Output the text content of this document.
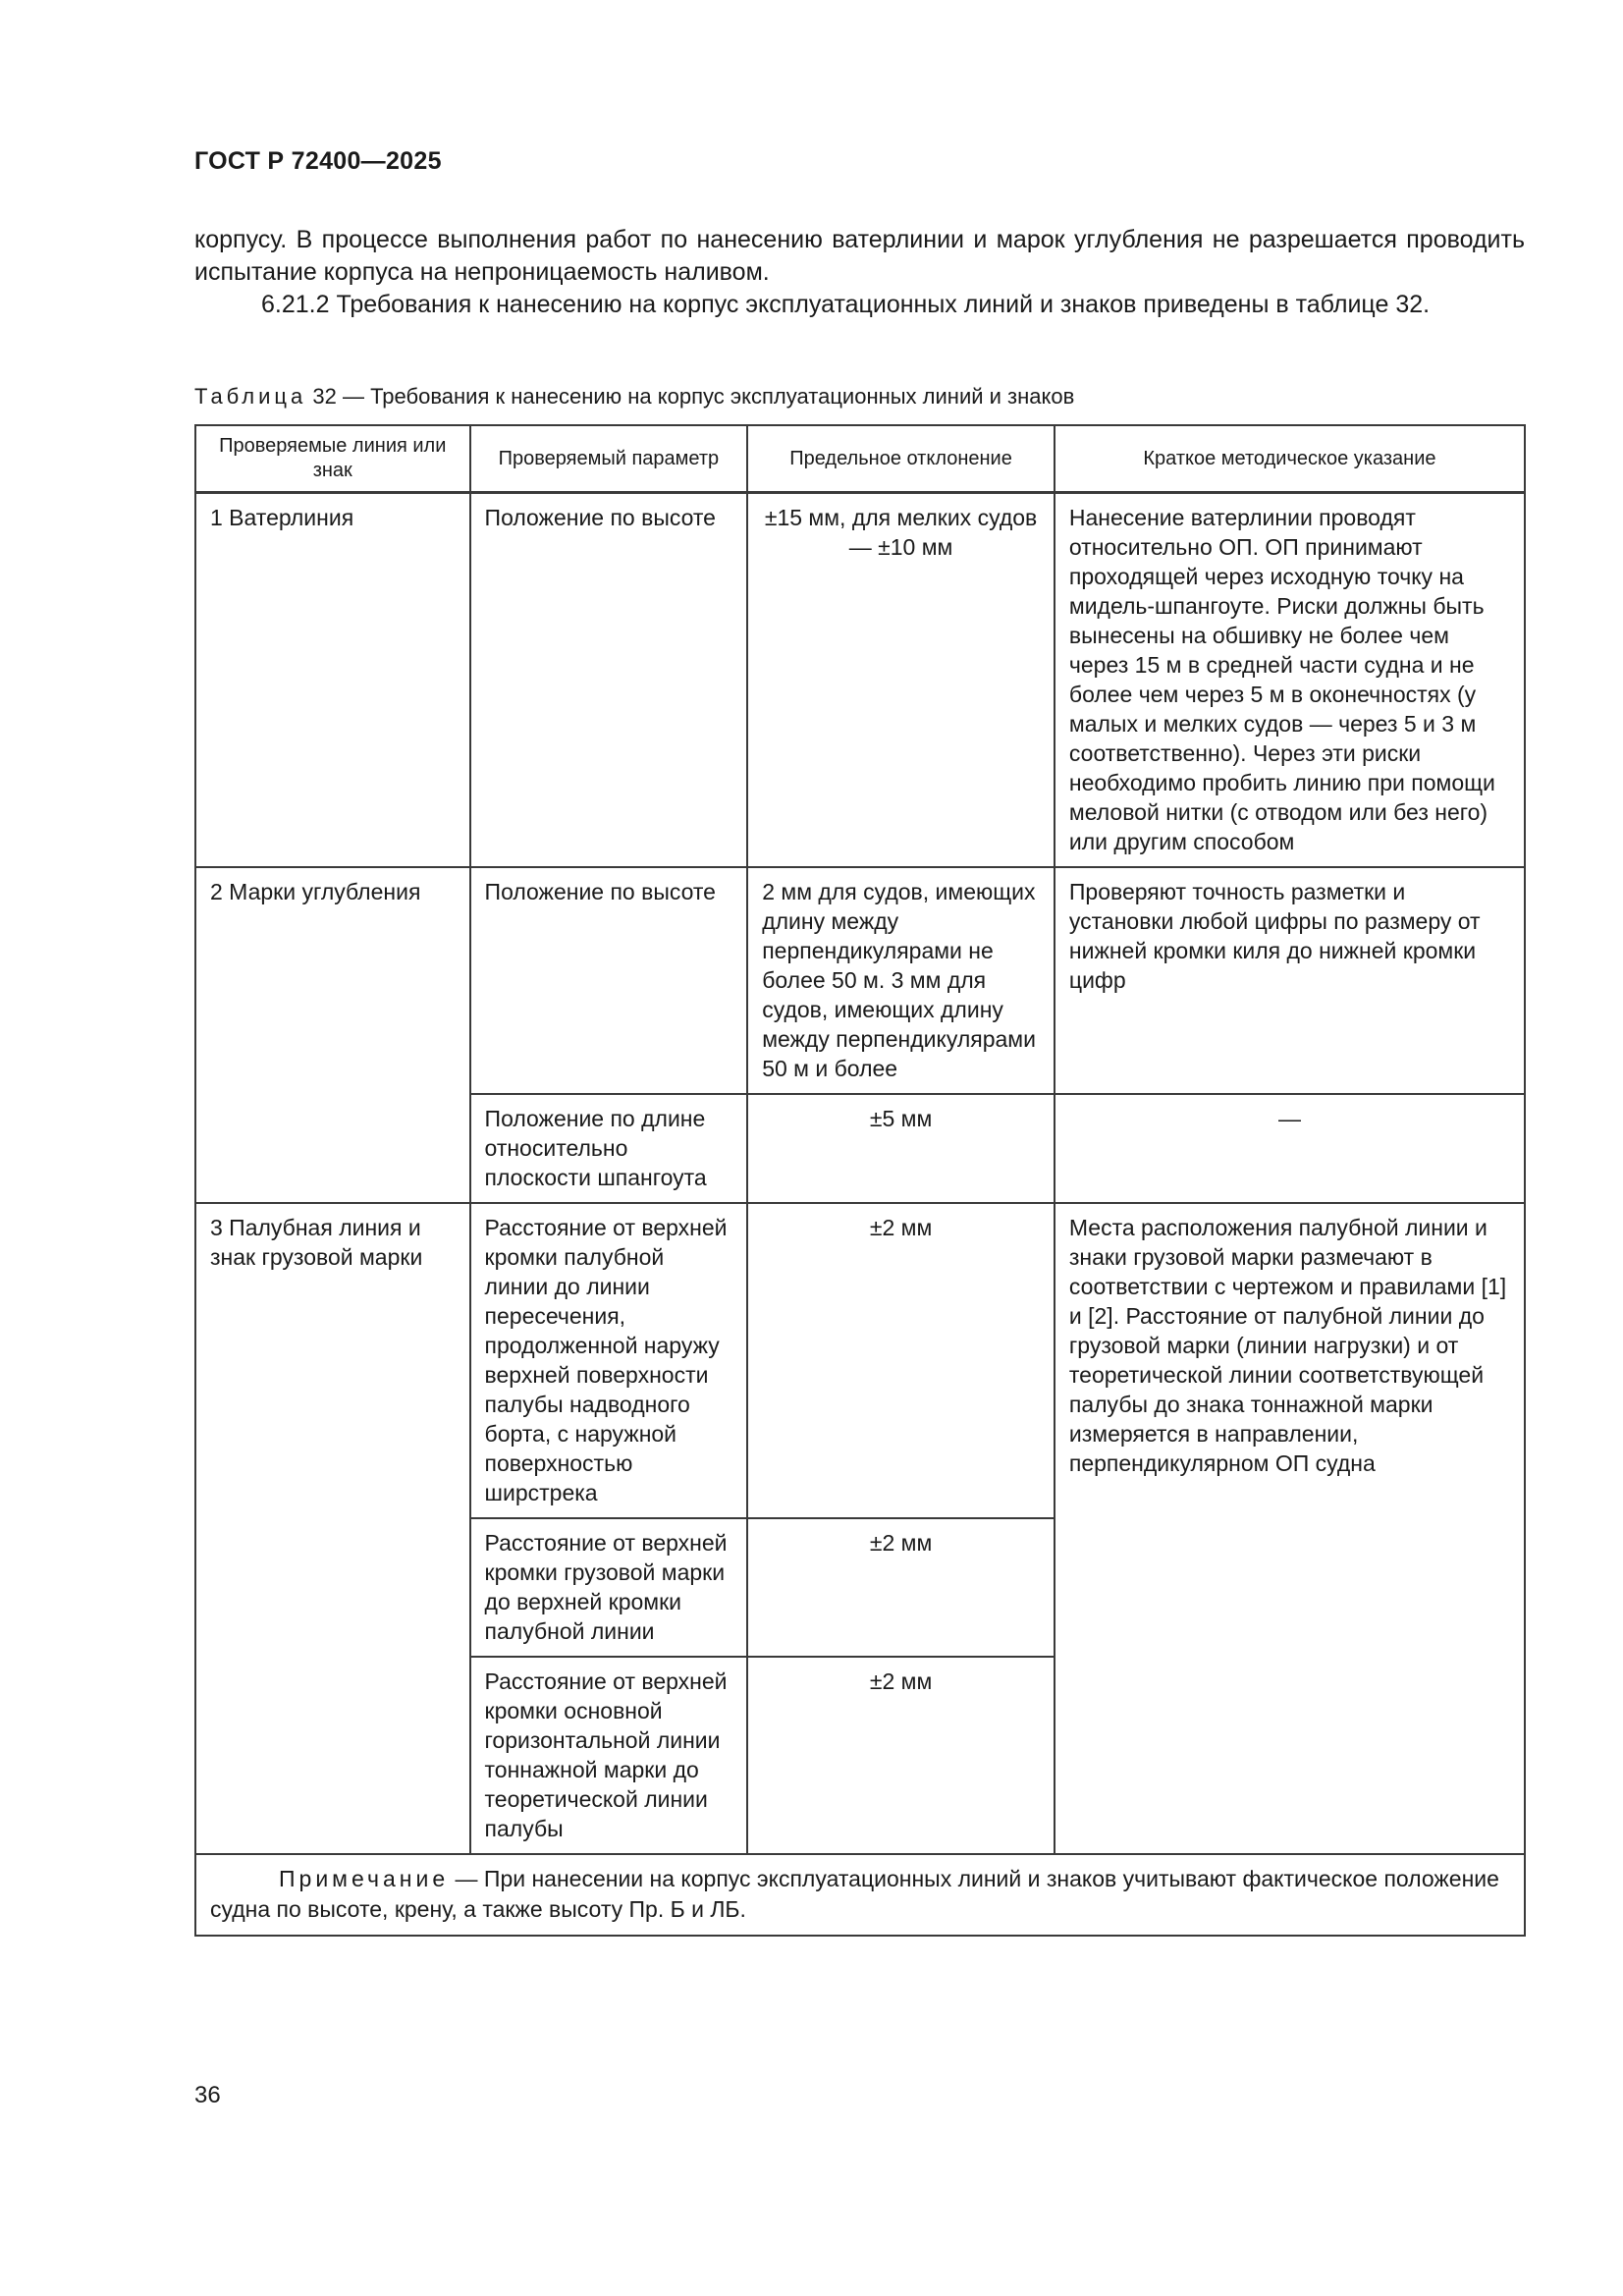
ГОСТ Р 72400—2025
корпусу. В процессе выполнения работ по нанесению ватерлинии и марок углубления не разрешается проводить испытание корпуса на непроницаемость наливом.
6.21.2 Требования к нанесению на корпус эксплуатационных линий и знаков приведены в таблице 32.
Таблица 32 — Требования к нанесению на корпус эксплуатационных линий и знаков
Проверяемые линия или знак	Проверяемый параметр	Предельное отклонение	Краткое методическое указание
1 Ватерлиния	Положение по высоте	±15 мм, для мелких судов — ±10 мм	Нанесение ватерлинии проводят относительно ОП. ОП принимают проходящей через исходную точку на мидель-шпангоуте. Риски должны быть вынесены на обшивку не более чем через 15 м в средней части судна и не более чем через 5 м в оконечностях (у малых и мелких судов — через 5 и 3 м соответственно). Через эти риски необходимо пробить линию при помощи меловой нитки (с отводом или без него) или другим способом
2 Марки углубления	Положение по высоте	2 мм для судов, имеющих длину между перпендикулярами не более 50 м. 3 мм для судов, имеющих длину между перпендикулярами 50 м и более	Проверяют точность разметки и установки любой цифры по размеру от нижней кромки киля до нижней кромки цифр
	Положение по длине относительно плоскости шпангоута	±5 мм	—
3 Палубная линия и знак грузовой марки	Расстояние от верхней кромки палубной линии до линии пересечения, продолженной наружу верхней поверхности палубы надводного борта, с наружной поверхностью ширстрека	±2 мм	Места расположения палубной линии и знаки грузовой марки размечают в соответствии с чертежом и правилами [1] и [2]. Расстояние от палубной линии до грузовой марки (линии нагрузки) и от теоретической линии соответствующей палубы до знака тоннажной марки измеряется в направлении, перпендикулярном ОП судна
	Расстояние от верхней кромки грузовой марки до верхней кромки палубной линии	±2 мм	
	Расстояние от верхней кромки основной горизонтальной линии тоннажной марки до теоретической линии палубы	±2 мм	
Примечание — При нанесении на корпус эксплуатационных линий и знаков учитывают фактическое положение судна по высоте, крену, а также высоту Пр. Б и ЛБ.			
36
